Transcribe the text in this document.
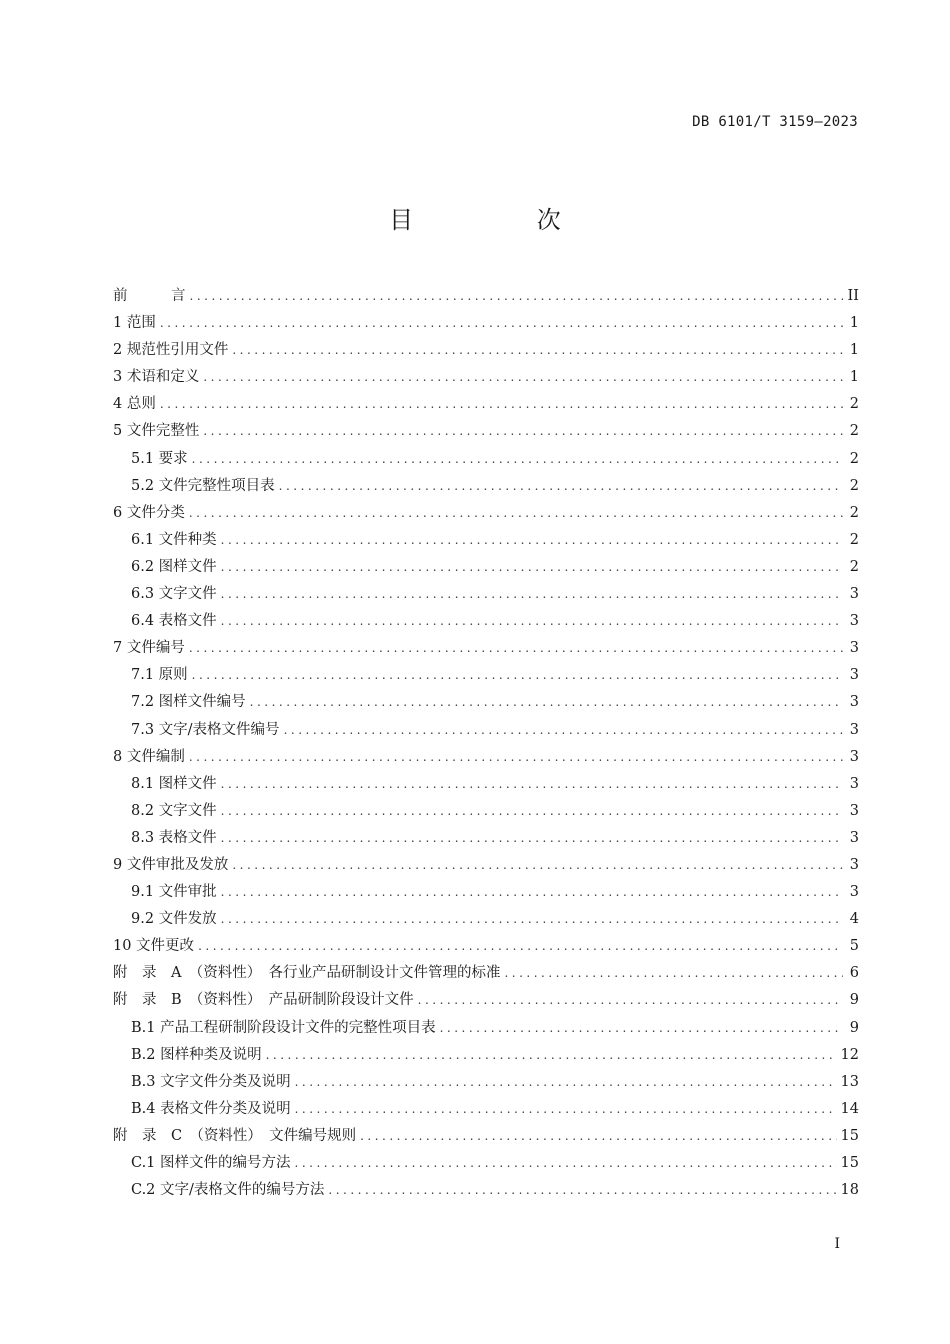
DB 6101/T 3159—2023
目 次
前　　　言 .....	II
1 范围 .....	1
2 规范性引用文件 .....	1
3 术语和定义 .....	1
4 总则 .....	2
5 文件完整性 .....	2
5.1 要求 .....	2
5.2 文件完整性项目表 .....	2
6 文件分类 .....	2
6.1 文件种类 .....	2
6.2 图样文件 .....	2
6.3 文字文件 .....	3
6.4 表格文件 .....	3
7 文件编号 .....	3
7.1 原则 .....	3
7.2 图样文件编号 .....	3
7.3 文字/表格文件编号 .....	3
8 文件编制 .....	3
8.1 图样文件 .....	3
8.2 文字文件 .....	3
8.3 表格文件 .....	3
9 文件审批及发放 .....	3
9.1 文件审批 .....	3
9.2 文件发放 .....	4
10 文件更改 .....	5
附　录　A　（资料性）　各行业产品研制设计文件管理的标准 .....	6
附　录　B　（资料性）　产品研制阶段设计文件 .....	9
B.1 产品工程研制阶段设计文件的完整性项目表 .....	9
B.2 图样种类及说明 .....	12
B.3 文字文件分类及说明 .....	13
B.4 表格文件分类及说明 .....	14
附　录　C　（资料性）　文件编号规则 .....	15
C.1 图样文件的编号方法 .....	15
C.2 文字/表格文件的编号方法 .....	18
I
